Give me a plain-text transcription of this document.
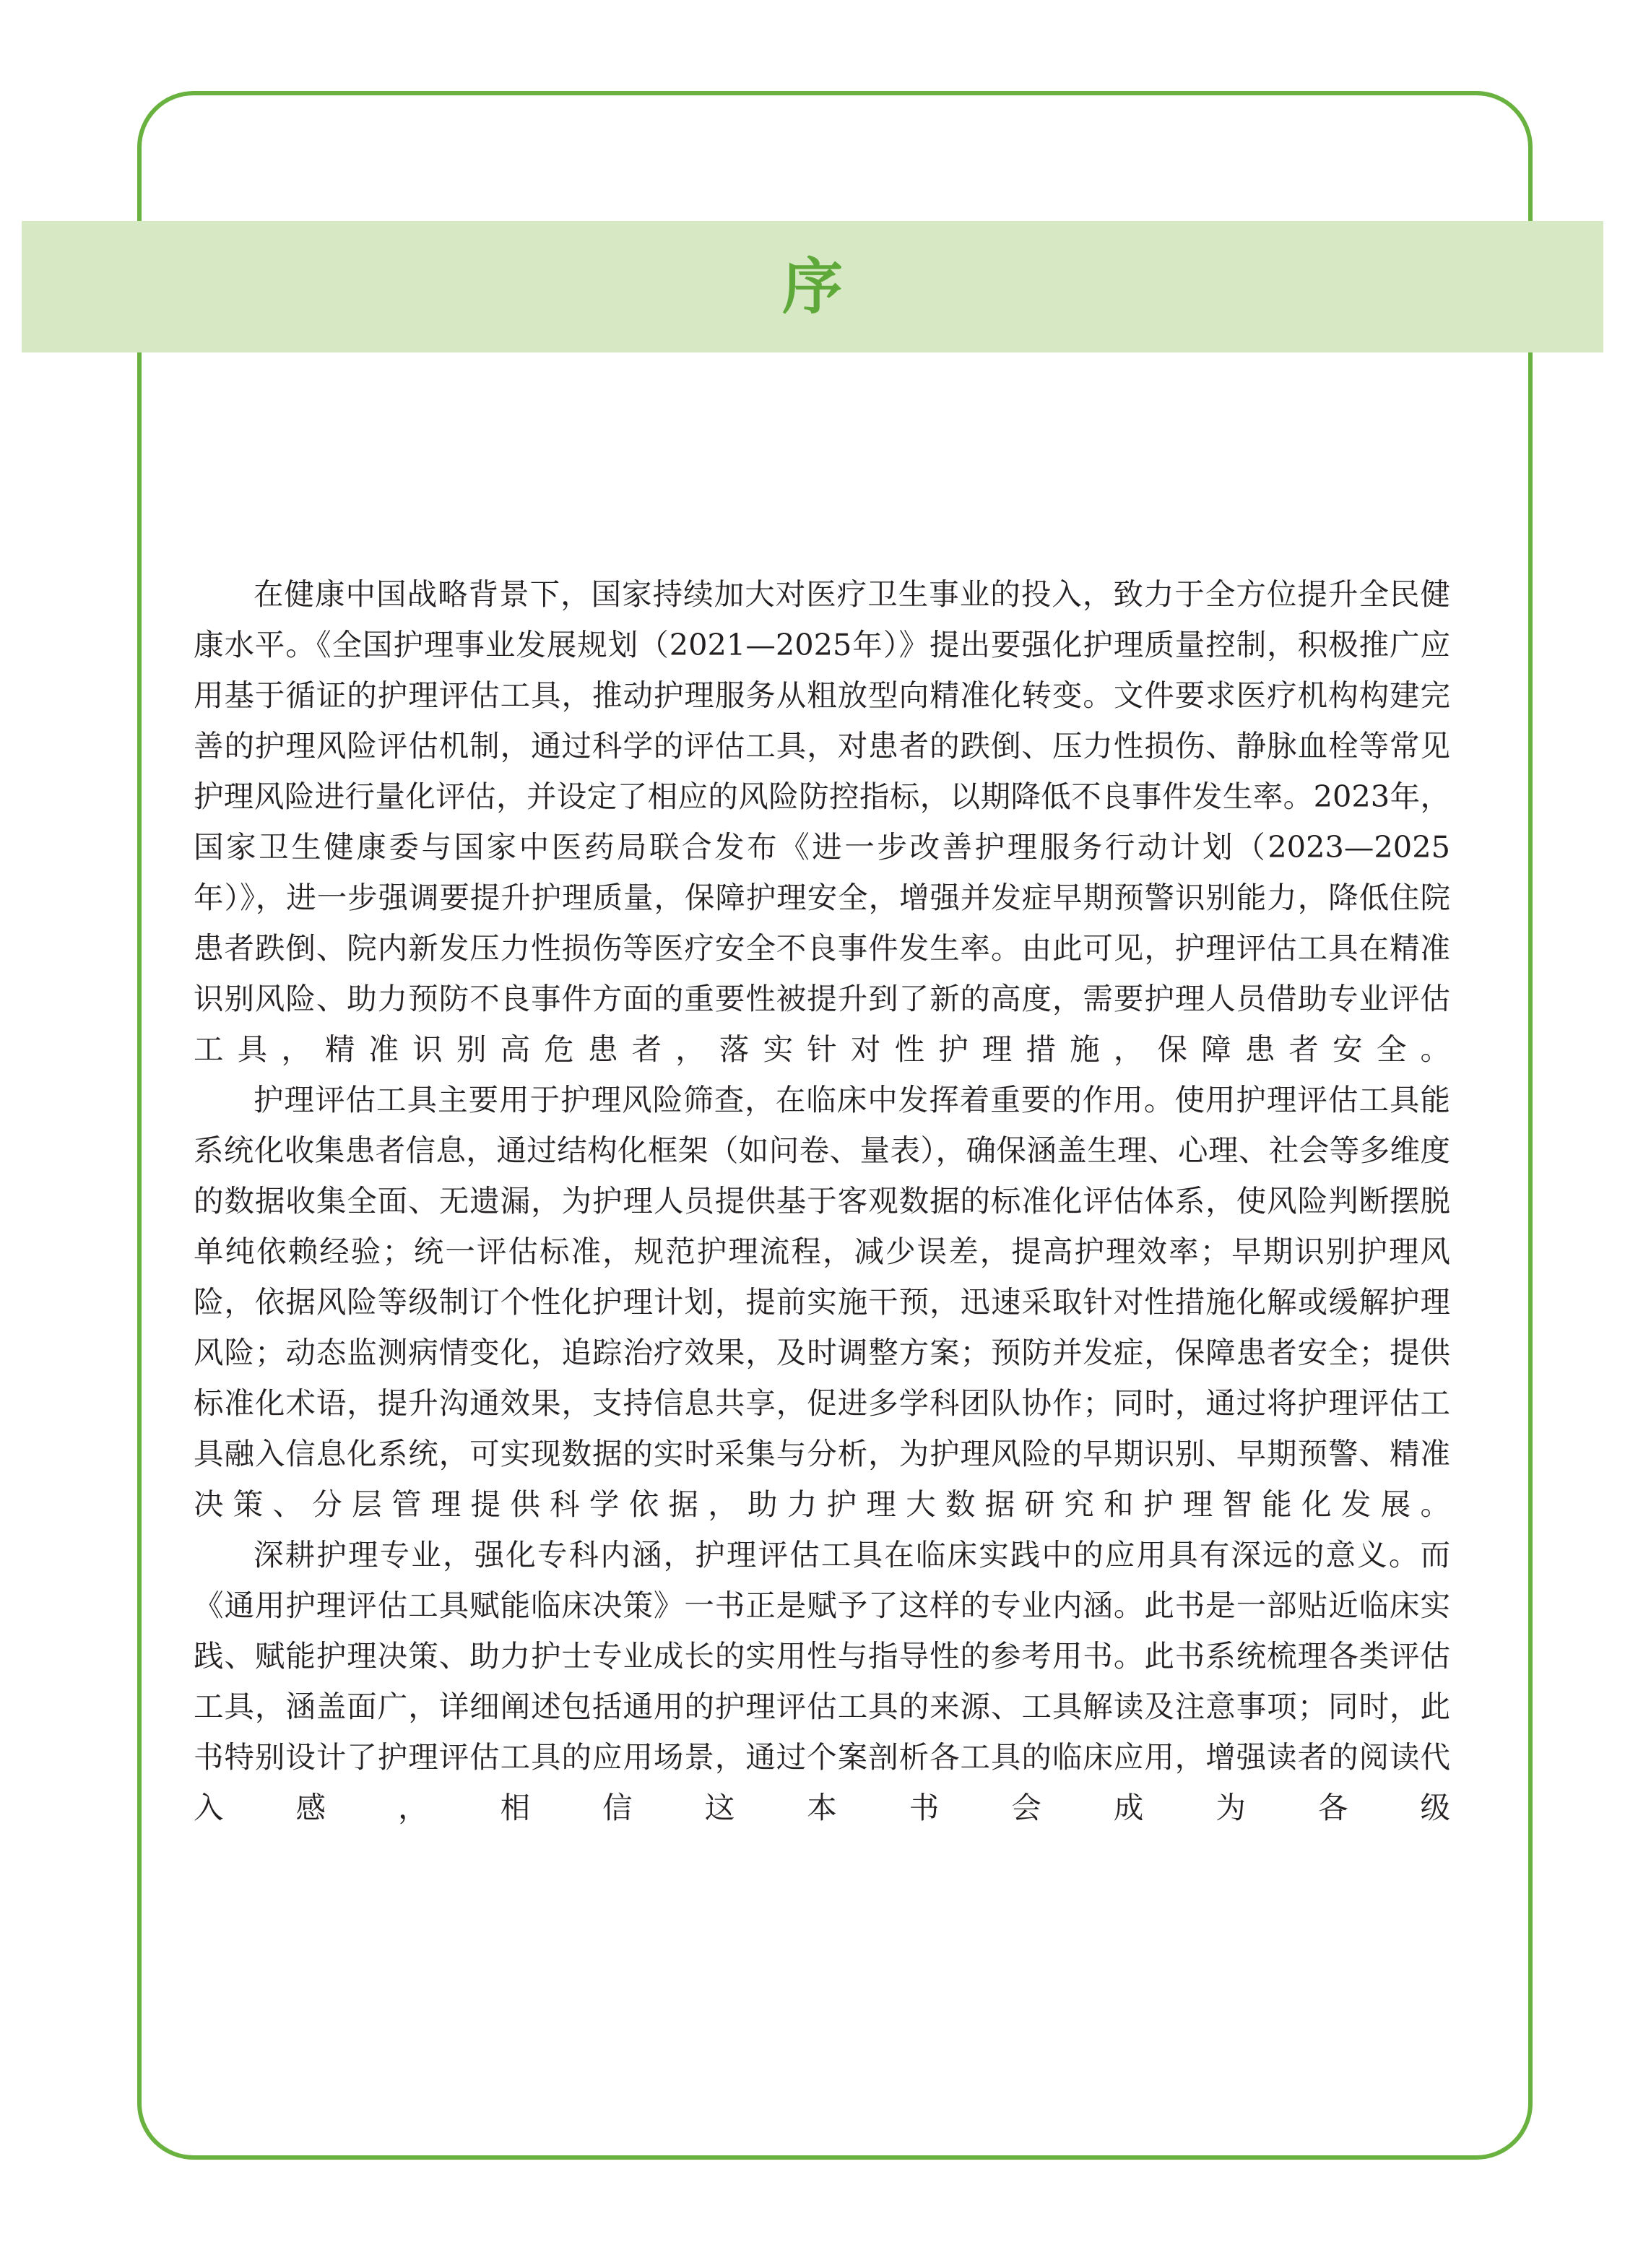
序

在健康中国战略背景下，国家持续加大对医疗卫生事业的投入，致力于全方位提升全民健康水平。《全国护理事业发展规划（2021—2025年）》提出要强化护理质量控制，积极推广应用基于循证的护理评估工具，推动护理服务从粗放型向精准化转变。文件要求医疗机构构建完善的护理风险评估机制，通过科学的评估工具，对患者的跌倒、压力性损伤、静脉血栓等常见护理风险进行量化评估，并设定了相应的风险防控指标，以期降低不良事件发生率。2023年，国家卫生健康委与国家中医药局联合发布《进一步改善护理服务行动计划（2023—2025年）》，进一步强调要提升护理质量，保障护理安全，增强并发症早期预警识别能力，降低住院患者跌倒、院内新发压力性损伤等医疗安全不良事件发生率。由此可见，护理评估工具在精准识别风险、助力预防不良事件方面的重要性被提升到了新的高度，需要护理人员借助专业评估工具，精准识别高危患者，落实针对性护理措施，保障患者安全。

护理评估工具主要用于护理风险筛查，在临床中发挥着重要的作用。使用护理评估工具能系统化收集患者信息，通过结构化框架（如问卷、量表），确保涵盖生理、心理、社会等多维度的数据收集全面、无遗漏，为护理人员提供基于客观数据的标准化评估体系，使风险判断摆脱单纯依赖经验；统一评估标准，规范护理流程，减少误差，提高护理效率；早期识别护理风险，依据风险等级制订个性化护理计划，提前实施干预，迅速采取针对性措施化解或缓解护理风险；动态监测病情变化，追踪治疗效果，及时调整方案；预防并发症，保障患者安全；提供标准化术语，提升沟通效果，支持信息共享，促进多学科团队协作；同时，通过将护理评估工具融入信息化系统，可实现数据的实时采集与分析，为护理风险的早期识别、早期预警、精准决策、分层管理提供科学依据，助力护理大数据研究和护理智能化发展。

深耕护理专业，强化专科内涵，护理评估工具在临床实践中的应用具有深远的意义。而《通用护理评估工具赋能临床决策》一书正是赋予了这样的专业内涵。此书是一部贴近临床实践、赋能护理决策、助力护士专业成长的实用性与指导性的参考用书。此书系统梳理各类评估工具，涵盖面广，详细阐述包括通用的护理评估工具的来源、工具解读及注意事项；同时，此书特别设计了护理评估工具的应用场景，通过个案剖析各工具的临床应用，增强读者的阅读代入感，相信这本书会成为各级
